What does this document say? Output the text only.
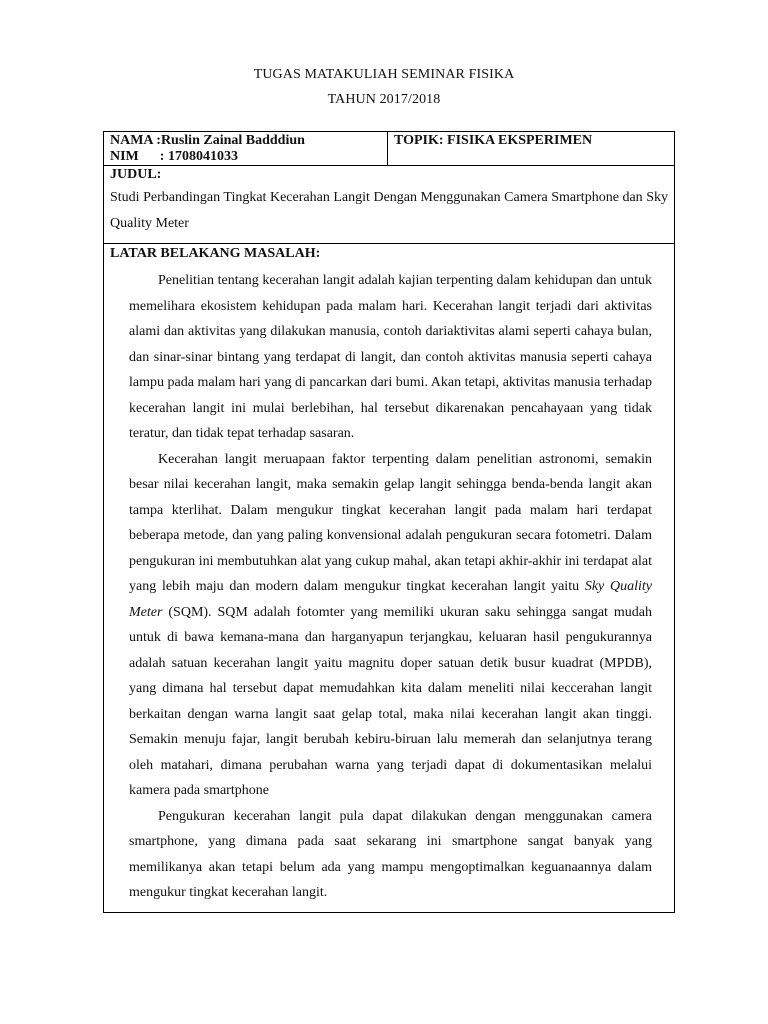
TUGAS MATAKULIAH SEMINAR FISIKA
TAHUN 2017/2018
NAMA :Ruslin Zainal Badddiun
NIM : 1708041033

TOPIK: FISIKA EKSPERIMEN

JUDUL:
Studi Perbandingan Tingkat Kecerahan Langit Dengan Menggunakan Camera Smartphone dan Sky Quality Meter

LATAR BELAKANG MASALAH:

Penelitian tentang kecerahan langit adalah kajian terpenting dalam kehidupan dan untuk memelihara ekosistem kehidupan pada malam hari. Kecerahan langit terjadi dari aktivitas alami dan aktivitas yang dilakukan manusia, contoh dariaktivitas alami seperti cahaya bulan, dan sinar-sinar bintang yang terdapat di langit, dan contoh aktivitas manusia seperti cahaya lampu pada malam hari yang di pancarkan dari bumi. Akan tetapi, aktivitas manusia terhadap kecerahan langit ini mulai berlebihan, hal tersebut dikarenakan pencahayaan yang tidak teratur, dan tidak tepat terhadap sasaran.

Kecerahan langit meruapaan faktor terpenting dalam penelitian astronomi, semakin besar nilai kecerahan langit, maka semakin gelap langit sehingga benda-benda langit akan tampa kterlihat. Dalam mengukur tingkat kecerahan langit pada malam hari terdapat beberapa metode, dan yang paling konvensional adalah pengukuran secara fotometri. Dalam pengukuran ini membutuhkan alat yang cukup mahal, akan tetapi akhir-akhir ini terdapat alat yang lebih maju dan modern dalam mengukur tingkat kecerahan langit yaitu Sky Quality Meter (SQM). SQM adalah fotomter yang memiliki ukuran saku sehingga sangat mudah untuk di bawa kemana-mana dan harganyapun terjangkau, keluaran hasil pengukurannya adalah satuan kecerahan langit yaitu magnitu doper satuan detik busur kuadrat (MPDB), yang dimana hal tersebut dapat memudahkan kita dalam meneliti nilai keccerahan langit berkaitan dengan warna langit saat gelap total, maka nilai kecerahan langit akan tinggi. Semakin menuju fajar, langit berubah kebiru-biruan lalu memerah dan selanjutnya terang oleh matahari, dimana perubahan warna yang terjadi dapat di dokumentasikan melalui kamera pada smartphone

Pengukuran kecerahan langit pula dapat dilakukan dengan menggunakan camera smartphone, yang dimana pada saat sekarang ini smartphone sangat banyak yang memilikanya akan tetapi belum ada yang mampu mengoptimalkan keguanaannya dalam mengukur tingkat kecerahan langit.
